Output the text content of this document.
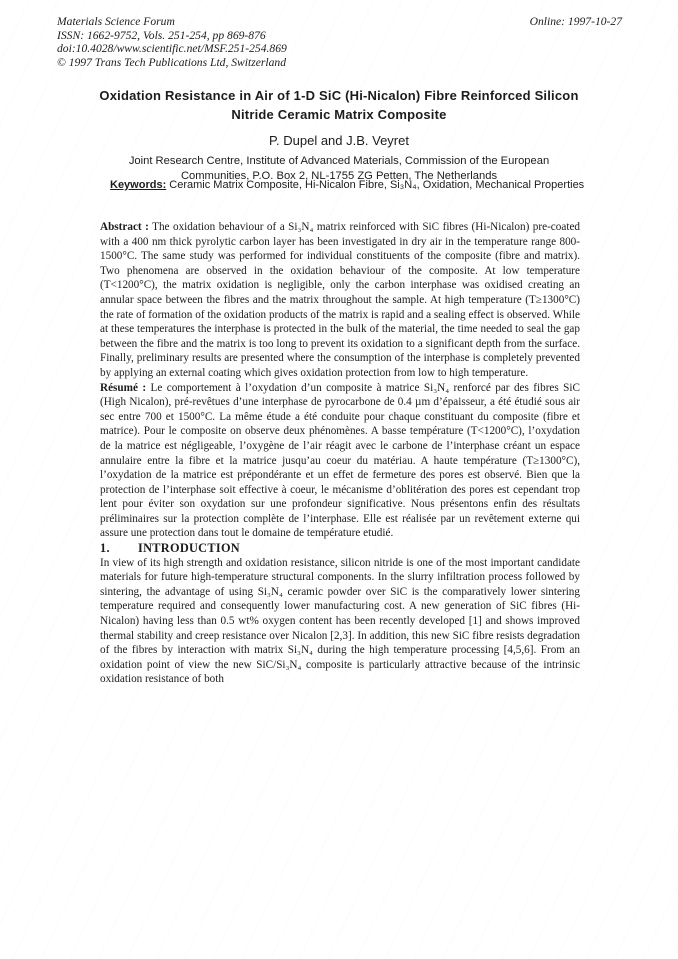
Materials Science Forum
ISSN: 1662-9752, Vols. 251-254, pp 869-876
doi:10.4028/www.scientific.net/MSF.251-254.869
© 1997 Trans Tech Publications Ltd, Switzerland
Online: 1997-10-27
Oxidation Resistance in Air of 1-D SiC (Hi-Nicalon) Fibre Reinforced Silicon Nitride Ceramic Matrix Composite
P. Dupel and J.B. Veyret
Joint Research Centre, Institute of Advanced Materials, Commission of the European Communities, P.O. Box 2, NL-1755 ZG Petten, The Netherlands
Keywords: Ceramic Matrix Composite, Hi-Nicalon Fibre, Si₃N₄, Oxidation, Mechanical Properties

Abstract : The oxidation behaviour of a Si₃N₄ matrix reinforced with SiC fibres (Hi-Nicalon) pre-coated with a 400 nm thick pyrolytic carbon layer has been investigated in dry air in the temperature range 800-1500°C. The same study was performed for individual constituents of the composite (fibre and matrix). Two phenomena are observed in the oxidation behaviour of the composite. At low temperature (T<1200°C), the matrix oxidation is negligible, only the carbon interphase was oxidised creating an annular space between the fibres and the matrix throughout the sample. At high temperature (T≥1300°C) the rate of formation of the oxidation products of the matrix is rapid and a sealing effect is observed. While at these temperatures the interphase is protected in the bulk of the material, the time needed to seal the gap between the fibre and the matrix is too long to prevent its oxidation to a significant depth from the surface. Finally, preliminary results are presented where the consumption of the interphase is completely prevented by applying an external coating which gives oxidation protection from low to high temperature.

Résumé : Le comportement à l’oxydation d’un composite à matrice Si₃N₄ renforcé par des fibres SiC (High Nicalon), pré-revêtues d’une interphase de pyrocarbone de 0.4 µm d’épaisseur, a été étudié sous air sec entre 700 et 1500°C. La même étude a été conduite pour chaque constituant du composite (fibre et matrice). Pour le composite on observe deux phénomènes. A basse température (T<1200°C), l’oxydation de la matrice est négligeable, l’oxygène de l’air réagit avec le carbone de l’interphase créant un espace annulaire entre la fibre et la matrice jusqu’au coeur du matériau. A haute température (T≥1300°C), l’oxydation de la matrice est prépondérante et un effet de fermeture des pores est observé. Bien que la protection de l’interphase soit effective à coeur, le mécanisme d’oblitération des pores est cependant trop lent pour éviter son oxydation sur une profondeur significative. Nous présentons enfin des résultats préliminaires sur la protection complète de l’interphase. Elle est réalisée par un revêtement externe qui assure une protection dans tout le domaine de température etudié.

1. INTRODUCTION

In view of its high strength and oxidation resistance, silicon nitride is one of the most important candidate materials for future high-temperature structural components. In the slurry infiltration process followed by sintering, the advantage of using Si₃N₄ ceramic powder over SiC is the comparatively lower sintering temperature required and consequently lower manufacturing cost. A new generation of SiC fibres (Hi-Nicalon) having less than 0.5 wt% oxygen content has been recently developed [1] and shows improved thermal stability and creep resistance over Nicalon [2,3]. In addition, this new SiC fibre resists degradation of the fibres by interaction with matrix Si₃N₄ during the high temperature processing [4,5,6]. From an oxidation point of view the new SiC/Si₃N₄ composite is particularly attractive because of the intrinsic oxidation resistance of both
